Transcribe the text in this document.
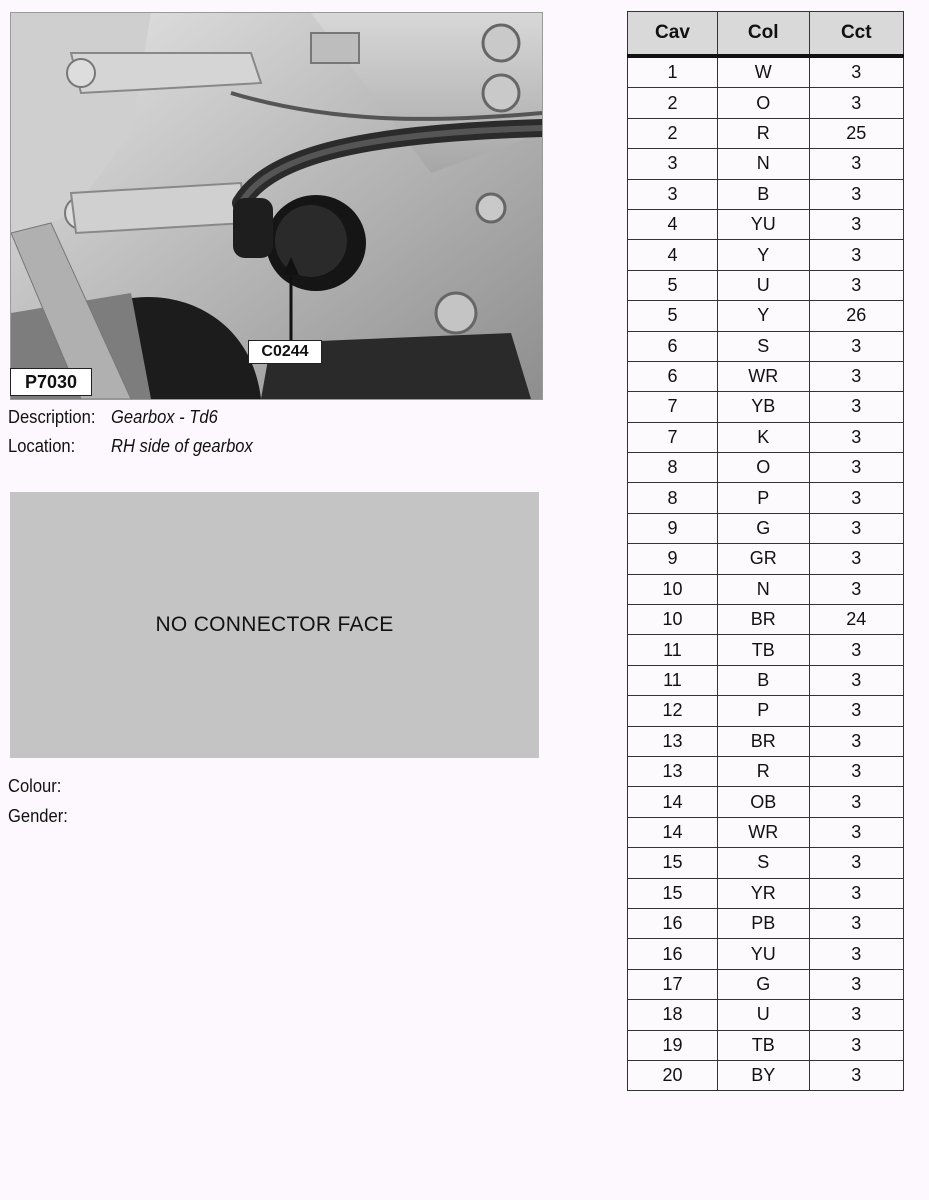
P7030
C0244
Description: Gearbox - Td6
Location: RH side of gearbox
NO CONNECTOR FACE
Colour:
Gender:
Cav	Col	Cct
1	W	3
2	O	3
2	R	25
3	N	3
3	B	3
4	YU	3
4	Y	3
5	U	3
5	Y	26
6	S	3
6	WR	3
7	YB	3
7	K	3
8	O	3
8	P	3
9	G	3
9	GR	3
10	N	3
10	BR	24
11	TB	3
11	B	3
12	P	3
13	BR	3
13	R	3
14	OB	3
14	WR	3
15	S	3
15	YR	3
16	PB	3
16	YU	3
17	G	3
18	U	3
19	TB	3
20	BY	3
